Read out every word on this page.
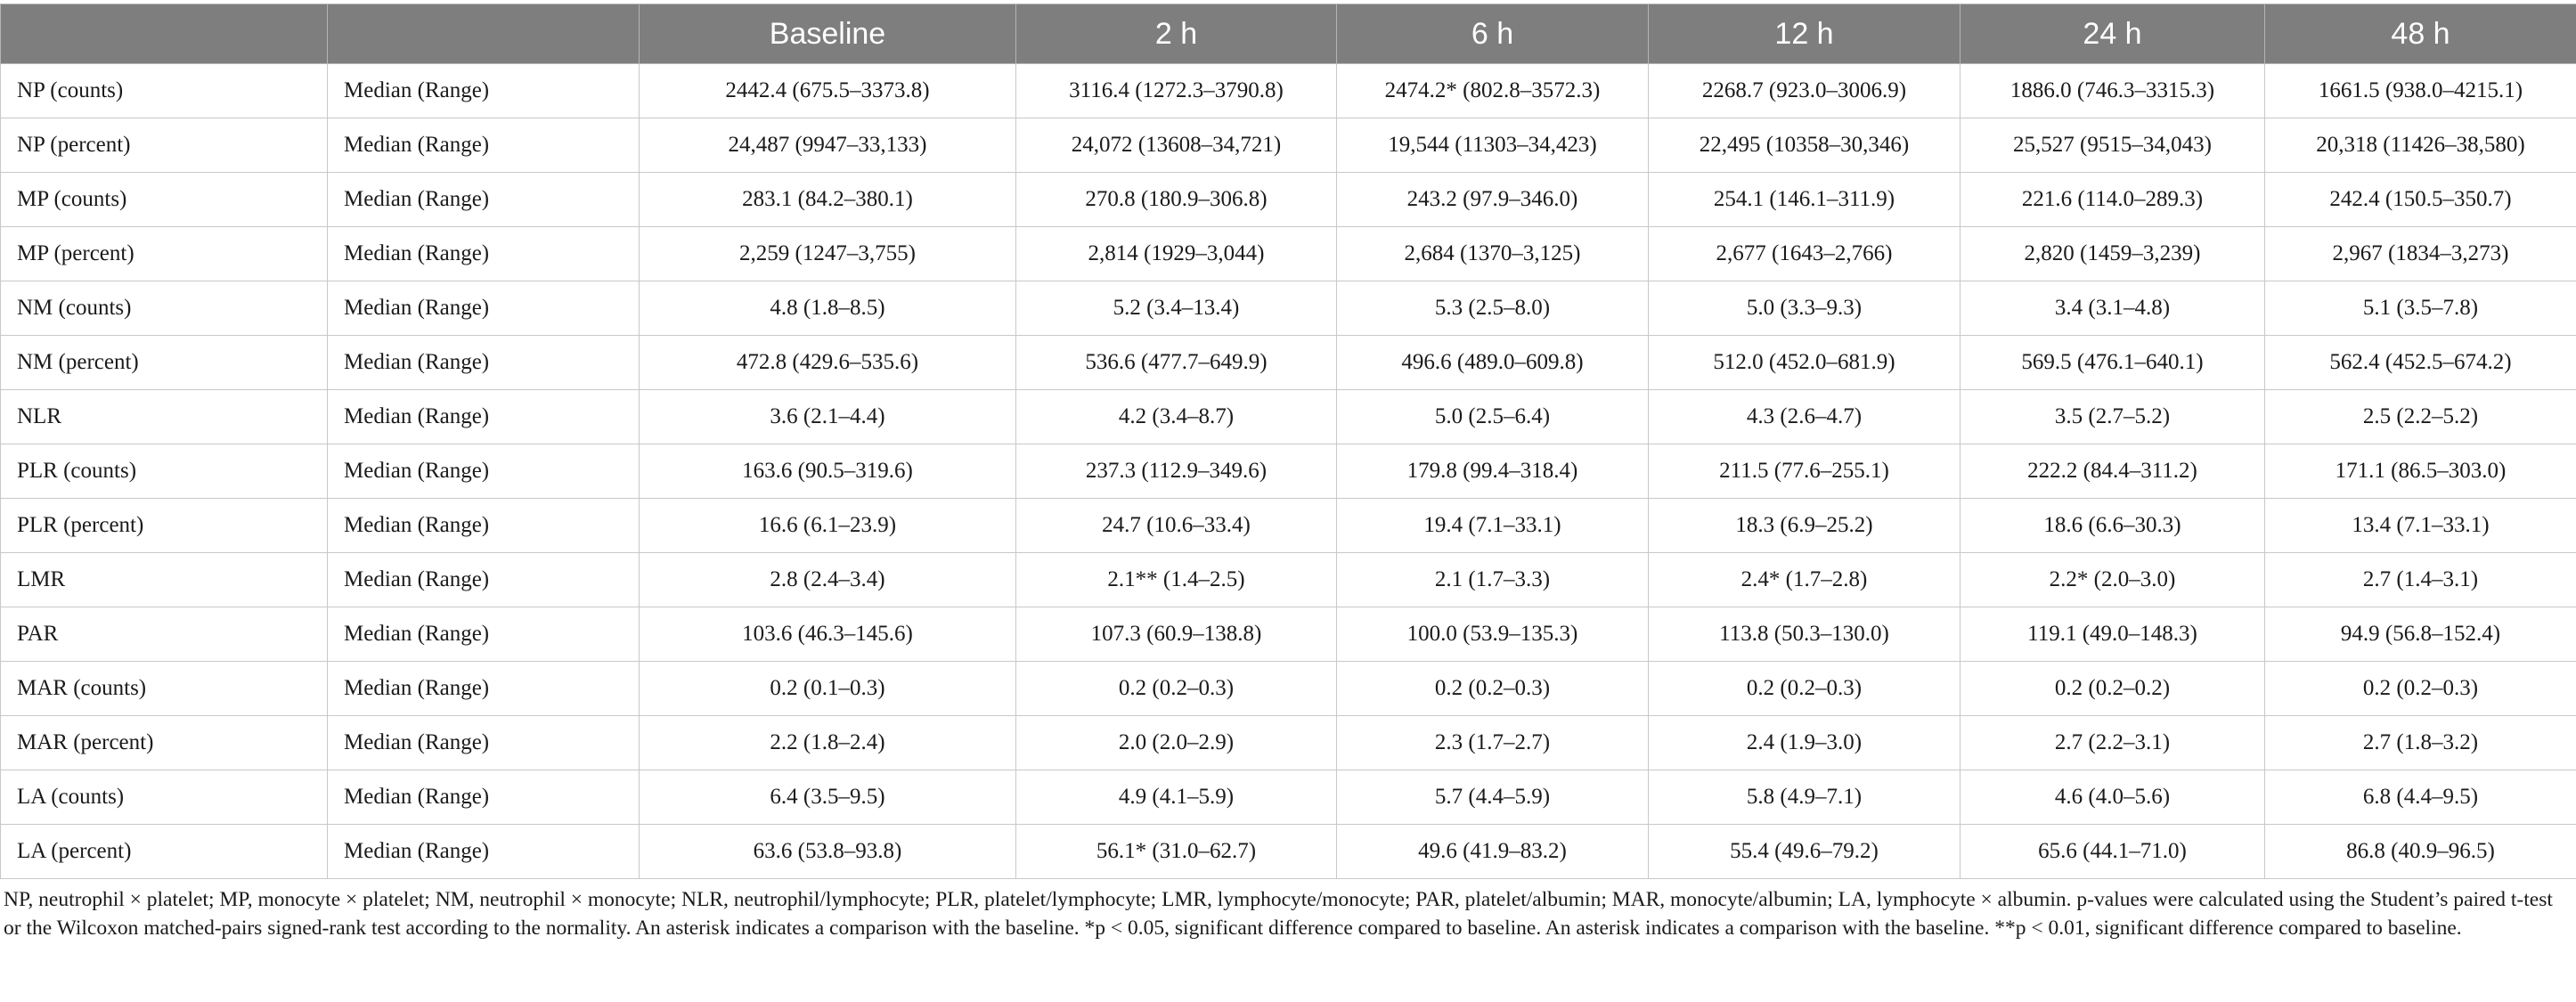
		Baseline	2 h	6 h	12 h	24 h	48 h
NP (counts)	Median (Range)	2442.4 (675.5–3373.8)	3116.4 (1272.3–3790.8)	2474.2* (802.8–3572.3)	2268.7 (923.0–3006.9)	1886.0 (746.3–3315.3)	1661.5 (938.0–4215.1)
NP (percent)	Median (Range)	24,487 (9947–33,133)	24,072 (13608–34,721)	19,544 (11303–34,423)	22,495 (10358–30,346)	25,527 (9515–34,043)	20,318 (11426–38,580)
MP (counts)	Median (Range)	283.1 (84.2–380.1)	270.8 (180.9–306.8)	243.2 (97.9–346.0)	254.1 (146.1–311.9)	221.6 (114.0–289.3)	242.4 (150.5–350.7)
MP (percent)	Median (Range)	2,259 (1247–3,755)	2,814 (1929–3,044)	2,684 (1370–3,125)	2,677 (1643–2,766)	2,820 (1459–3,239)	2,967 (1834–3,273)
NM (counts)	Median (Range)	4.8 (1.8–8.5)	5.2 (3.4–13.4)	5.3 (2.5–8.0)	5.0 (3.3–9.3)	3.4 (3.1–4.8)	5.1 (3.5–7.8)
NM (percent)	Median (Range)	472.8 (429.6–535.6)	536.6 (477.7–649.9)	496.6 (489.0–609.8)	512.0 (452.0–681.9)	569.5 (476.1–640.1)	562.4 (452.5–674.2)
NLR	Median (Range)	3.6 (2.1–4.4)	4.2 (3.4–8.7)	5.0 (2.5–6.4)	4.3 (2.6–4.7)	3.5 (2.7–5.2)	2.5 (2.2–5.2)
PLR (counts)	Median (Range)	163.6 (90.5–319.6)	237.3 (112.9–349.6)	179.8 (99.4–318.4)	211.5 (77.6–255.1)	222.2 (84.4–311.2)	171.1 (86.5–303.0)
PLR (percent)	Median (Range)	16.6 (6.1–23.9)	24.7 (10.6–33.4)	19.4 (7.1–33.1)	18.3 (6.9–25.2)	18.6 (6.6–30.3)	13.4 (7.1–33.1)
LMR	Median (Range)	2.8 (2.4–3.4)	2.1** (1.4–2.5)	2.1 (1.7–3.3)	2.4* (1.7–2.8)	2.2* (2.0–3.0)	2.7 (1.4–3.1)
PAR	Median (Range)	103.6 (46.3–145.6)	107.3 (60.9–138.8)	100.0 (53.9–135.3)	113.8 (50.3–130.0)	119.1 (49.0–148.3)	94.9 (56.8–152.4)
MAR (counts)	Median (Range)	0.2 (0.1–0.3)	0.2 (0.2–0.3)	0.2 (0.2–0.3)	0.2 (0.2–0.3)	0.2 (0.2–0.2)	0.2 (0.2–0.3)
MAR (percent)	Median (Range)	2.2 (1.8–2.4)	2.0 (2.0–2.9)	2.3 (1.7–2.7)	2.4 (1.9–3.0)	2.7 (2.2–3.1)	2.7 (1.8–3.2)
LA (counts)	Median (Range)	6.4 (3.5–9.5)	4.9 (4.1–5.9)	5.7 (4.4–5.9)	5.8 (4.9–7.1)	4.6 (4.0–5.6)	6.8 (4.4–9.5)
LA (percent)	Median (Range)	63.6 (53.8–93.8)	56.1* (31.0–62.7)	49.6 (41.9–83.2)	55.4 (49.6–79.2)	65.6 (44.1–71.0)	86.8 (40.9–96.5)
NP, neutrophil × platelet; MP, monocyte × platelet; NM, neutrophil × monocyte; NLR, neutrophil/lymphocyte; PLR, platelet/lymphocyte; LMR, lymphocyte/monocyte; PAR, platelet/albumin; MAR, monocyte/albumin; LA, lymphocyte × albumin. p-values were calculated using the Student’s paired t-test or the Wilcoxon matched-pairs signed-rank test according to the normality. An asterisk indicates a comparison with the baseline. *p < 0.05, significant difference compared to baseline. An asterisk indicates a comparison with the baseline. **p < 0.01, significant difference compared to baseline.
